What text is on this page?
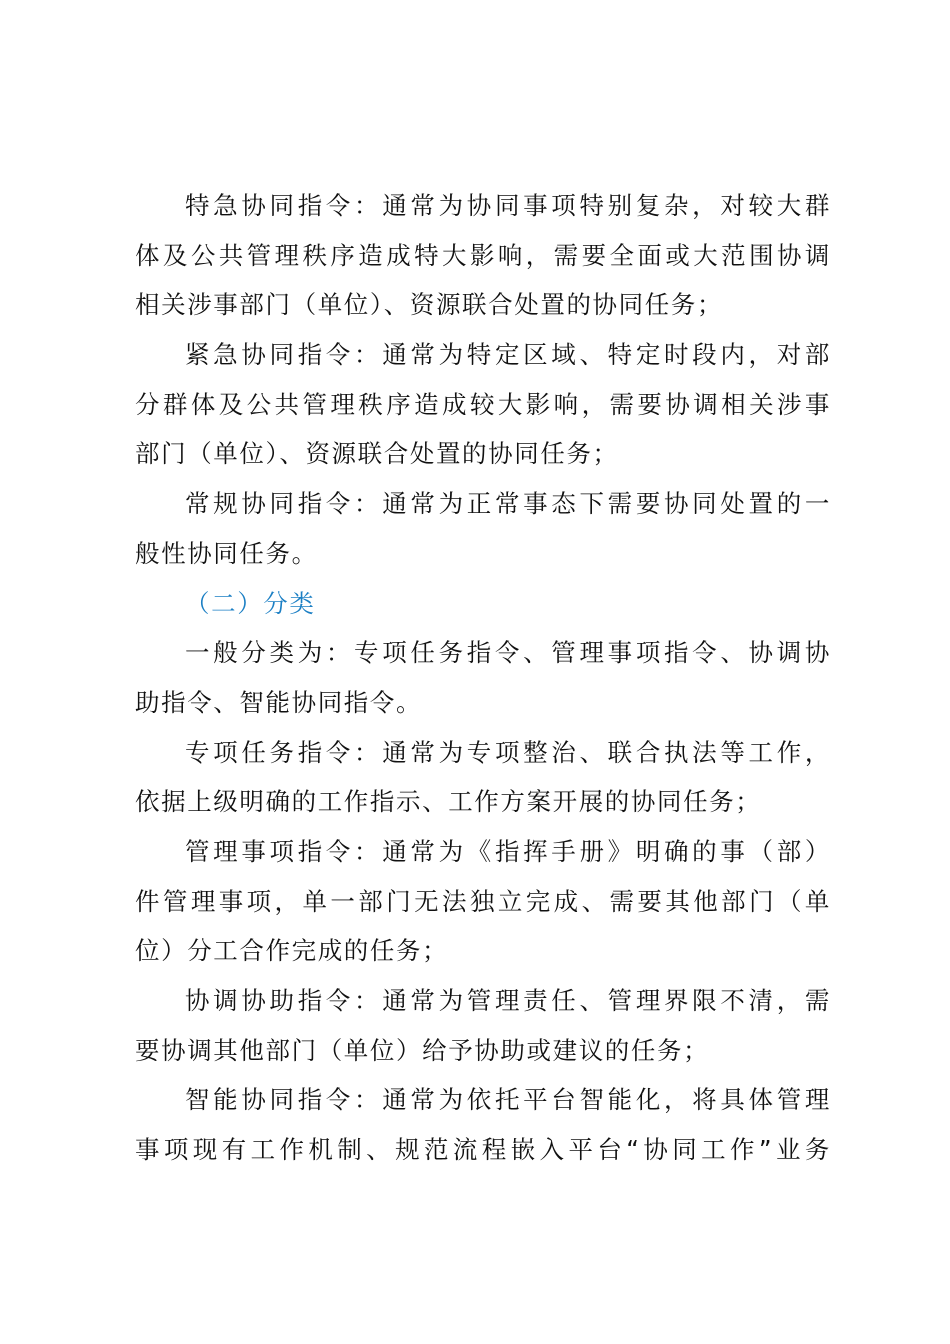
特急协同指令：通常为协同事项特别复杂，对较大群
体及公共管理秩序造成特大影响，需要全面或大范围协调
相关涉事部门（单位）、资源联合处置的协同任务；
紧急协同指令：通常为特定区域、特定时段内，对部
分群体及公共管理秩序造成较大影响，需要协调相关涉事
部门（单位）、资源联合处置的协同任务；
常规协同指令：通常为正常事态下需要协同处置的一
般性协同任务。
（二）分类
一般分类为：专项任务指令、管理事项指令、协调协
助指令、智能协同指令。
专项任务指令：通常为专项整治、联合执法等工作，
依据上级明确的工作指示、工作方案开展的协同任务；
管理事项指令：通常为《指挥手册》明确的事（部）
件管理事项，单一部门无法独立完成、需要其他部门（单
位）分工合作完成的任务；
协调协助指令：通常为管理责任、管理界限不清，需
要协调其他部门（单位）给予协助或建议的任务；
智能协同指令：通常为依托平台智能化，将具体管理
事项现有工作机制、规范流程嵌入平台“协同工作”业务
